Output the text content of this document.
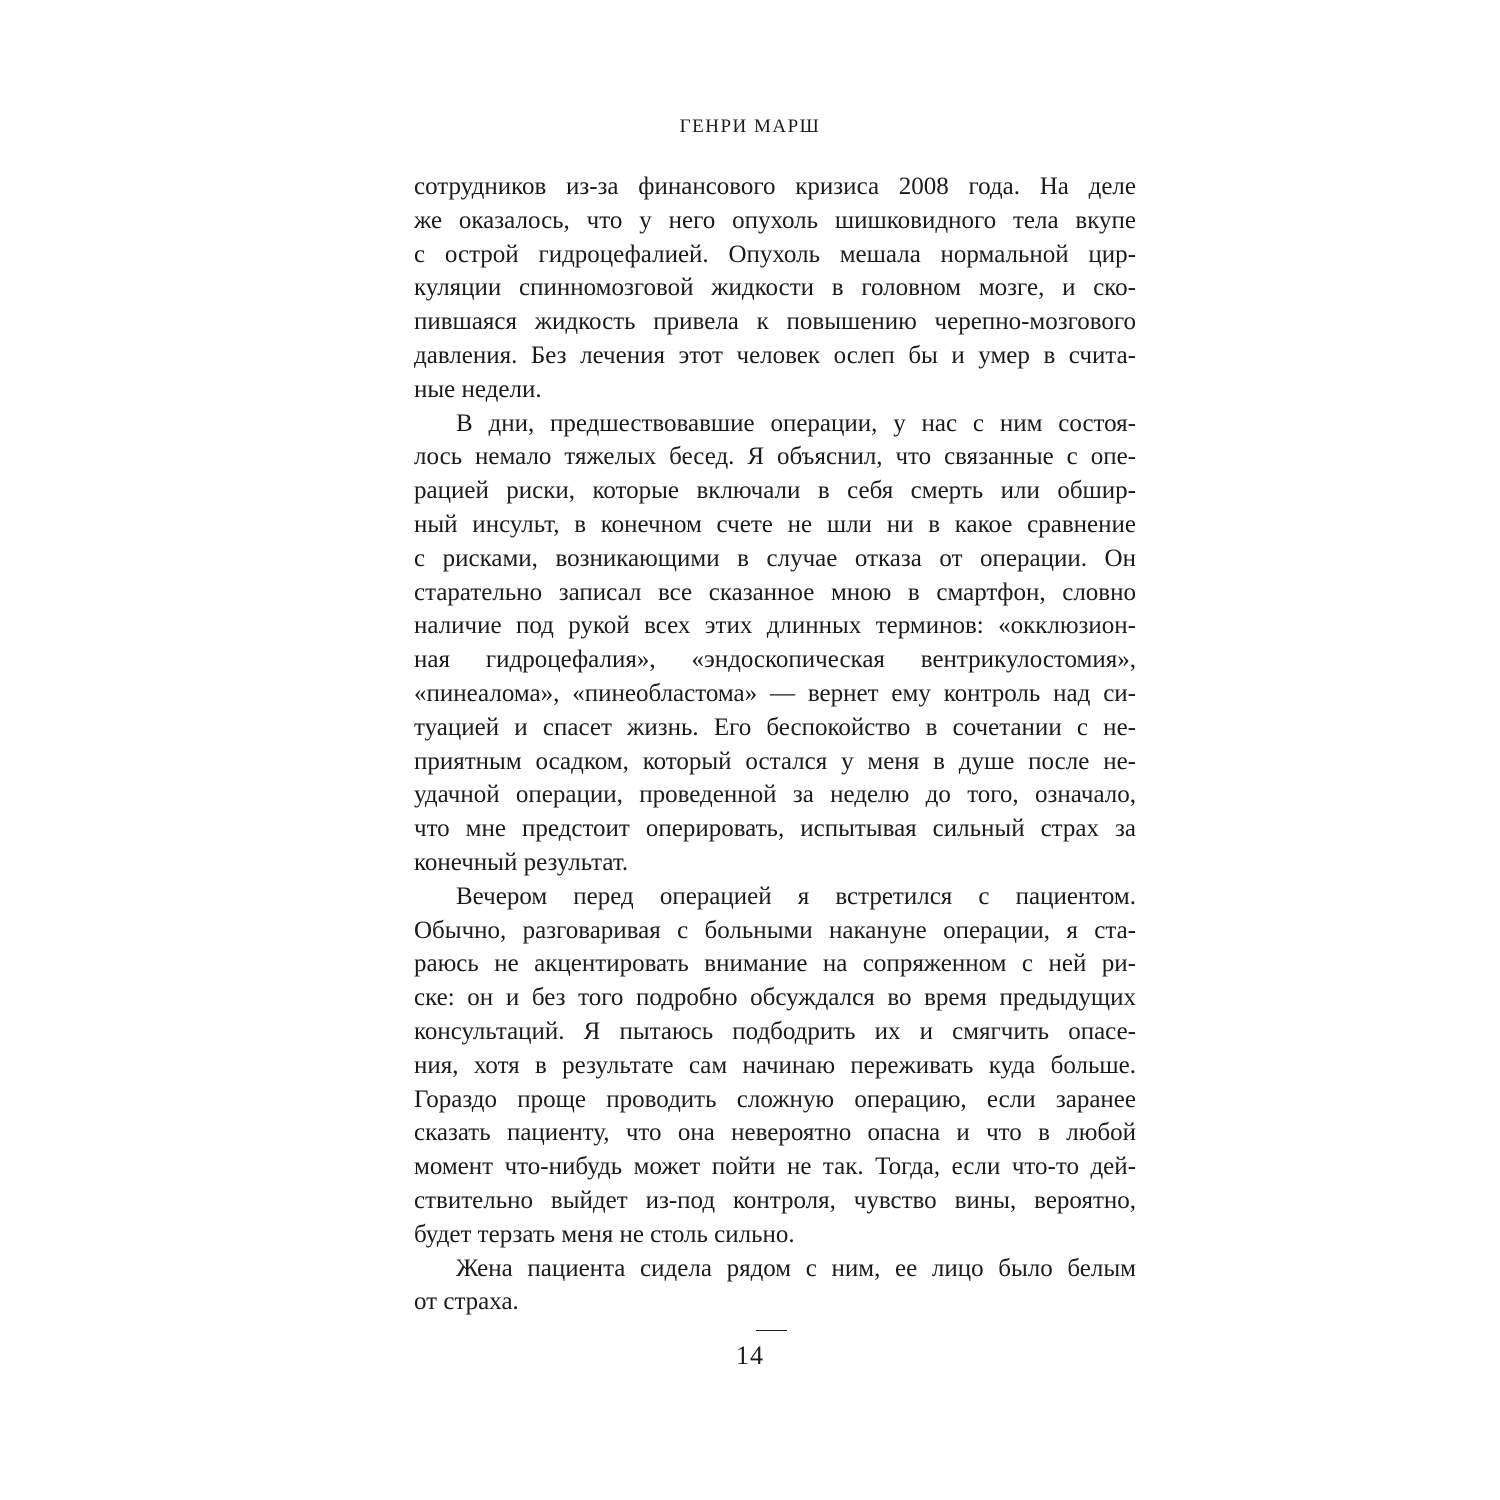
ГЕНРИ МАРШ
сотрудников из-за финансового кризиса 2008 года. На деле
же оказалось, что у него опухоль шишковидного тела вкупе
с острой гидроцефалией. Опухоль мешала нормальной цир-
куляции спинномозговой жидкости в головном мозге, и ско-
пившаяся жидкость привела к повышению черепно-мозгового
давления. Без лечения этот человек ослеп бы и умер в счита-
ные недели.
В дни, предшествовавшие операции, у нас с ним состоя-
лось немало тяжелых бесед. Я объяснил, что связанные с опе-
рацией риски, которые включали в себя смерть или обшир-
ный инсульт, в конечном счете не шли ни в какое сравнение
с рисками, возникающими в случае отказа от операции. Он
старательно записал все сказанное мною в смартфон, словно
наличие под рукой всех этих длинных терминов: «окклюзион-
ная гидроцефалия», «эндоскопическая вентрикулостомия»,
«пинеалома», «пинеобластома» — вернет ему контроль над си-
туацией и спасет жизнь. Его беспокойство в сочетании с не-
приятным осадком, который остался у меня в душе после не-
удачной операции, проведенной за неделю до того, означало,
что мне предстоит оперировать, испытывая сильный страх за
конечный результат.
Вечером перед операцией я встретился с пациентом.
Обычно, разговаривая с больными накануне операции, я ста-
раюсь не акцентировать внимание на сопряженном с ней ри-
ске: он и без того подробно обсуждался во время предыдущих
консультаций. Я пытаюсь подбодрить их и смягчить опасе-
ния, хотя в результате сам начинаю переживать куда больше.
Гораздо проще проводить сложную операцию, если заранее
сказать пациенту, что она невероятно опасна и что в любой
момент что-нибудь может пойти не так. Тогда, если что-то дей-
ствительно выйдет из-под контроля, чувство вины, вероятно,
будет терзать меня не столь сильно.
Жена пациента сидела рядом с ним, ее лицо было белым
от страха.
14
